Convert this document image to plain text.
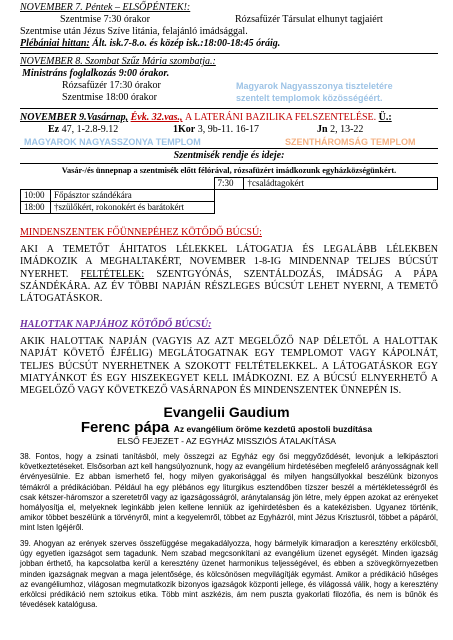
NOVEMBER 7. Péntek – ELSŐPÉNTEK!:
Szentmise 7:30 órakor	Rózsafüzér Társulat elhunyt tagjaiért
Szentmise után Jézus Szíve litánia, felajánló imádsággal.
Plébániai hittan: Ált. isk.7-8.o. és közép isk.:18:00-18:45 óráig.
NOVEMBER 8. Szombat Szűz Mária szombatja.:
Ministráns foglalkozás 9:00 órakor.
Rózsafüzér 17:30 órakor
Szentmise 18:00 órakor
Magyarok Nagyasszonya tiszteletére
szentelt templomok közösségéért.
NOVEMBER 9.Vasárnap, Évk. 32.vas., A LATERÁNI BAZILIKA FELSZENTELÉSE. Ü.:
Ez 47, 1-2.8-9.12	1Kor 3, 9b-11. 16-17	Jn 2, 13-22
MAGYAROK NAGYASSZONYA TEMPLOM	SZENTHÁROMSÁG TEMPLOM
Szentmisék rendje és ideje:
Vasár-/és ünnepnap a szentmisék előtt félórával, rózsafüzért imádkozunk egyházközségünkért.
		7:30	†családtagokért
10:00	Főpásztor szándékára		
18:00	†szülőkért, rokonokért és barátokért		
MINDENSZENTEK FŐÜNNEPÉHEZ KÖTŐDŐ BÚCSÚ:
AKI A TEMETŐT ÁHITATOS LÉLEKKEL LÁTOGATJA ÉS LEGALÁBB LÉLEKBEN IMÁDKOZIK A MEGHALTAKÉRT, NOVEMBER 1-8-IG MINDENNAP TELJES BÚCSÚT NYERHET. FELTÉTELEK: SZENTGYÓNÁS, SZENTÁLDOZÁS, IMÁDSÁG A PÁPA SZÁNDÉKÁRA. AZ ÉV TÖBBI NAPJÁN RÉSZLEGES BÚCSÚT LEHET NYERNI, A TEMETŐ LÁTOGATÁSKOR.
HALOTTAK NAPJÁHOZ KÖTŐDŐ BÚCSÚ:
AKIK HALOTTAK NAPJÁN (VAGYIS AZ AZT MEGELŐZŐ NAP DÉLETŐL A HALOTTAK NAPJÁT KÖVETŐ ÉJFÉLIG) MEGLÁTOGATNAK EGY TEMPLOMOT VAGY KÁPOLNÁT, TELJES BÚCSÚT NYERHETNEK A SZOKOTT FELTÉTELEKKEL. A LÁTOGATÁSKOR EGY MIATYÁNKOT ÉS EGY HISZEKEGYET KELL IMÁDKOZNI. EZ A BÚCSÚ ELNYERHETŐ A MEGELŐZŐ VAGY KÖVETKEZŐ VASÁRNAPON ÉS MINDENSZENTEK ÜNNEPÉN IS.
Evangelii Gaudium
Ferenc pápa Az evangélium öröme kezdetű apostoli buzdítása
ELSŐ FEJEZET - AZ EGYHÁZ MISSZIÓS ÁTALAKÍTÁSA
38. Fontos, hogy a zsinati tanításból, mely összegzi az Egyház egy ősi meggyőződését, levonjuk a lelkipásztori következtetéseket. Elsősorban azt kell hangsúlyoznunk, hogy az evangélium hirdetésében megfelelő arányosságnak kell érvényesülnie. Ez abban ismerhető fel, hogy milyen gyakorisággal és milyen hangsúllyokkal beszélünk bizonyos témákról a prédikációban. Például ha egy plébános egy liturgikus esztendőben tízszer beszél a mértékletességről és csak kétszer-háromszor a szeretetről vagy az igazságosságról, aránytalanság jön létre, mely éppen azokat az erényeket homályosítja el, melyeknek leginkább jelen kellene lenniük az igehirdetésben és a katekézisben. Ugyanez történik, amikor többet beszélünk a törvényről, mint a kegyelemről, többet az Egyházról, mint Jézus Krisztusról, többet a pápáról, mint Isten Igéjéről.
39. Ahogyan az erények szerves összefüggése megakadályozza, hogy bármelyik kimaradjon a keresztény erkölcsből, úgy egyetlen igazságot sem tagadunk. Nem szabad megcsonkítani az evangélium üzenet egységét. Minden igazság jobban érthető, ha kapcsolatba kerül a keresztény üzenet harmonikus teljességével, és ebben a szövegkörnyezetben minden igazságnak megvan a maga jelentősége, és kölcsönösen megvilágítják egymást. Amikor a prédikáció hűséges az evangéliumhoz, világosan megmutatkozik bizonyos igazságok központi jellege, és világossá válik, hogy a keresztény erkölcsi prédikáció nem sztoikus etika. Több mint aszkézis, ám nem puszta gyakorlati filozófia, és nem is bűnök és tévedések katalógusa.
